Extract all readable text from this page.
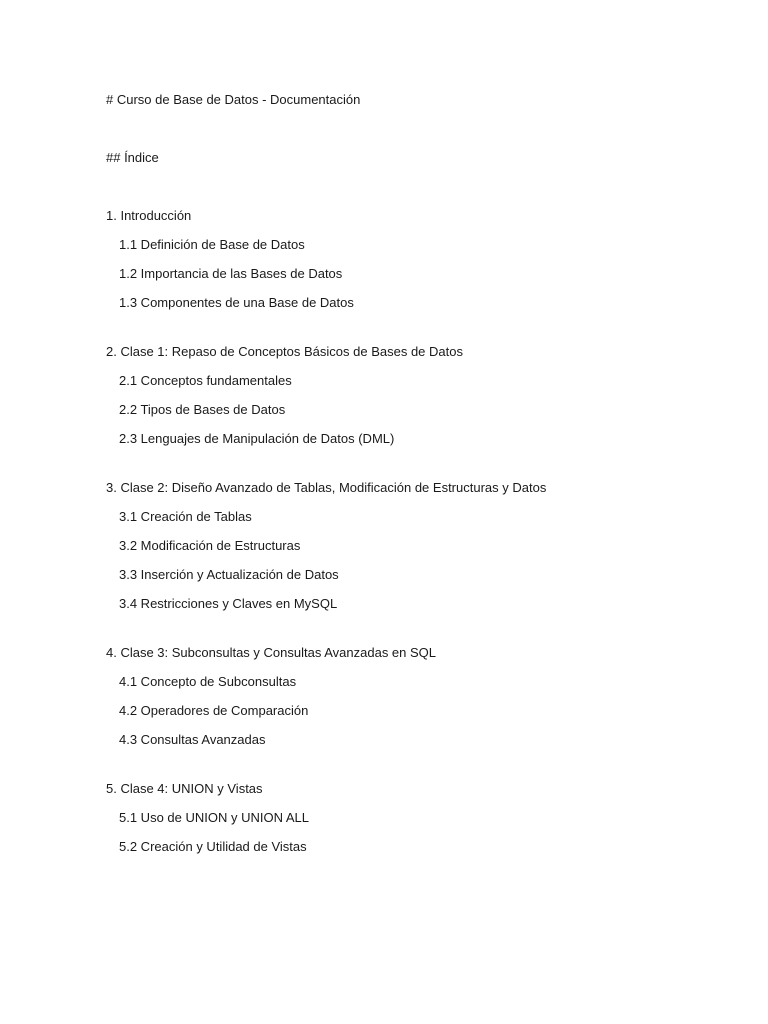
# Curso de Base de Datos - Documentación

## Índice

1. Introducción

1.1 Definición de Base de Datos

1.2 Importancia de las Bases de Datos

1.3 Componentes de una Base de Datos

2. Clase 1: Repaso de Conceptos Básicos de Bases de Datos

2.1 Conceptos fundamentales

2.2 Tipos de Bases de Datos

2.3 Lenguajes de Manipulación de Datos (DML)

3. Clase 2: Diseño Avanzado de Tablas, Modificación de Estructuras y Datos

3.1 Creación de Tablas

3.2 Modificación de Estructuras

3.3 Inserción y Actualización de Datos

3.4 Restricciones y Claves en MySQL

4. Clase 3: Subconsultas y Consultas Avanzadas en SQL

4.1 Concepto de Subconsultas

4.2 Operadores de Comparación

4.3 Consultas Avanzadas

5. Clase 4: UNION y Vistas

5.1 Uso de UNION y UNION ALL

5.2 Creación y Utilidad de Vistas
